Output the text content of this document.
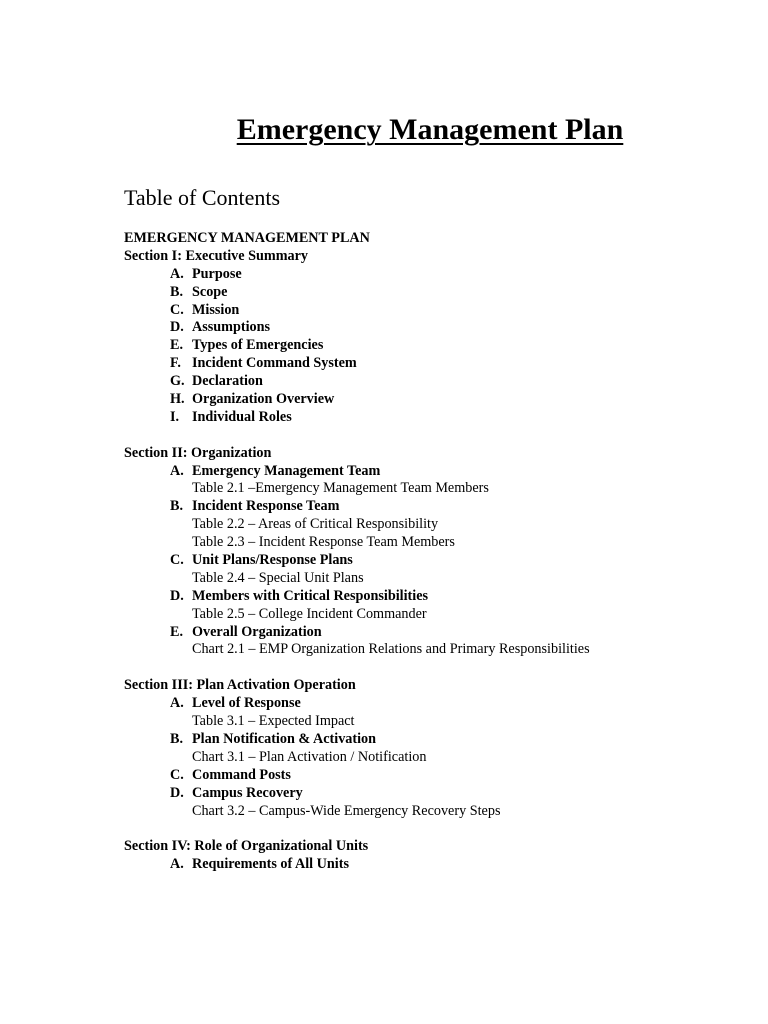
Emergency Management Plan
Table of Contents
EMERGENCY MANAGEMENT PLAN
Section I: Executive Summary
A. Purpose
B. Scope
C. Mission
D. Assumptions
E. Types of Emergencies
F. Incident Command System
G. Declaration
H. Organization Overview
I. Individual Roles
Section II: Organization
A. Emergency Management Team
Table 2.1 –Emergency Management Team Members
B. Incident Response Team
Table 2.2 – Areas of Critical Responsibility
Table 2.3 – Incident Response Team Members
C. Unit Plans/Response Plans
Table 2.4 – Special Unit Plans
D. Members with Critical Responsibilities
Table 2.5 – College Incident Commander
E. Overall Organization
Chart 2.1 – EMP Organization Relations and Primary Responsibilities
Section III: Plan Activation Operation
A. Level of Response
Table 3.1 – Expected Impact
B. Plan Notification & Activation
Chart 3.1 – Plan Activation / Notification
C. Command Posts
D. Campus Recovery
Chart 3.2 – Campus-Wide Emergency Recovery Steps
Section IV: Role of Organizational Units
A. Requirements of All Units
